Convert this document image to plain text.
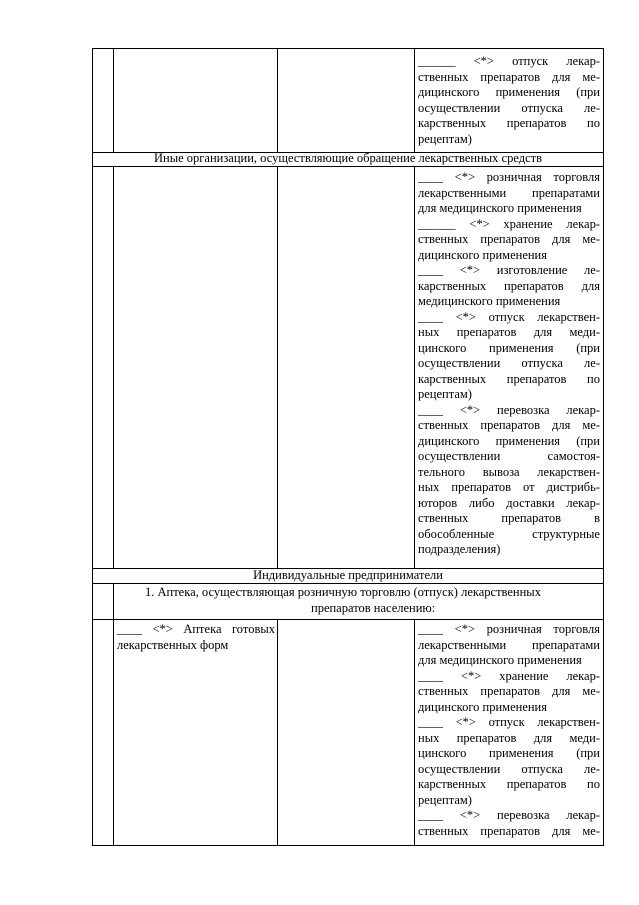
______ <*> отпуск лекар-
ственных препаратов для ме-
дицинского применения (при
осуществлении отпуска ле-
карственных препаратов по
рецептам)
Иные организации, осуществляющие обращение лекарственных средств
____ <*> розничная торговля
лекарственными препаратами
для медицинского применения
______ <*> хранение лекар-
ственных препаратов для ме-
дицинского применения
____ <*> изготовление ле-
карственных препаратов для
медицинского применения
____ <*> отпуск лекарствен-
ных препаратов для меди-
цинского применения (при
осуществлении отпуска ле-
карственных препаратов по
рецептам)
____ <*> перевозка лекар-
ственных препаратов для ме-
дицинского применения (при
осуществлении самостоя-
тельного вывоза лекарствен-
ных препаратов от дистрибь-
юторов либо доставки лекар-
ственных препаратов в
обособленные структурные
подразделения)
Индивидуальные предприниматели
1. Аптека, осуществляющая розничную торговлю (отпуск) лекарственных
препаратов населению:
____ <*> Аптека готовых
лекарственных форм
____ <*> розничная торговля
лекарственными препаратами
для медицинского применения
____ <*> хранение лекар-
ственных препаратов для ме-
дицинского применения
____ <*> отпуск лекарствен-
ных препаратов для меди-
цинского применения (при
осуществлении отпуска ле-
карственных препаратов по
рецептам)
____ <*> перевозка лекар-
ственных препаратов для ме-
